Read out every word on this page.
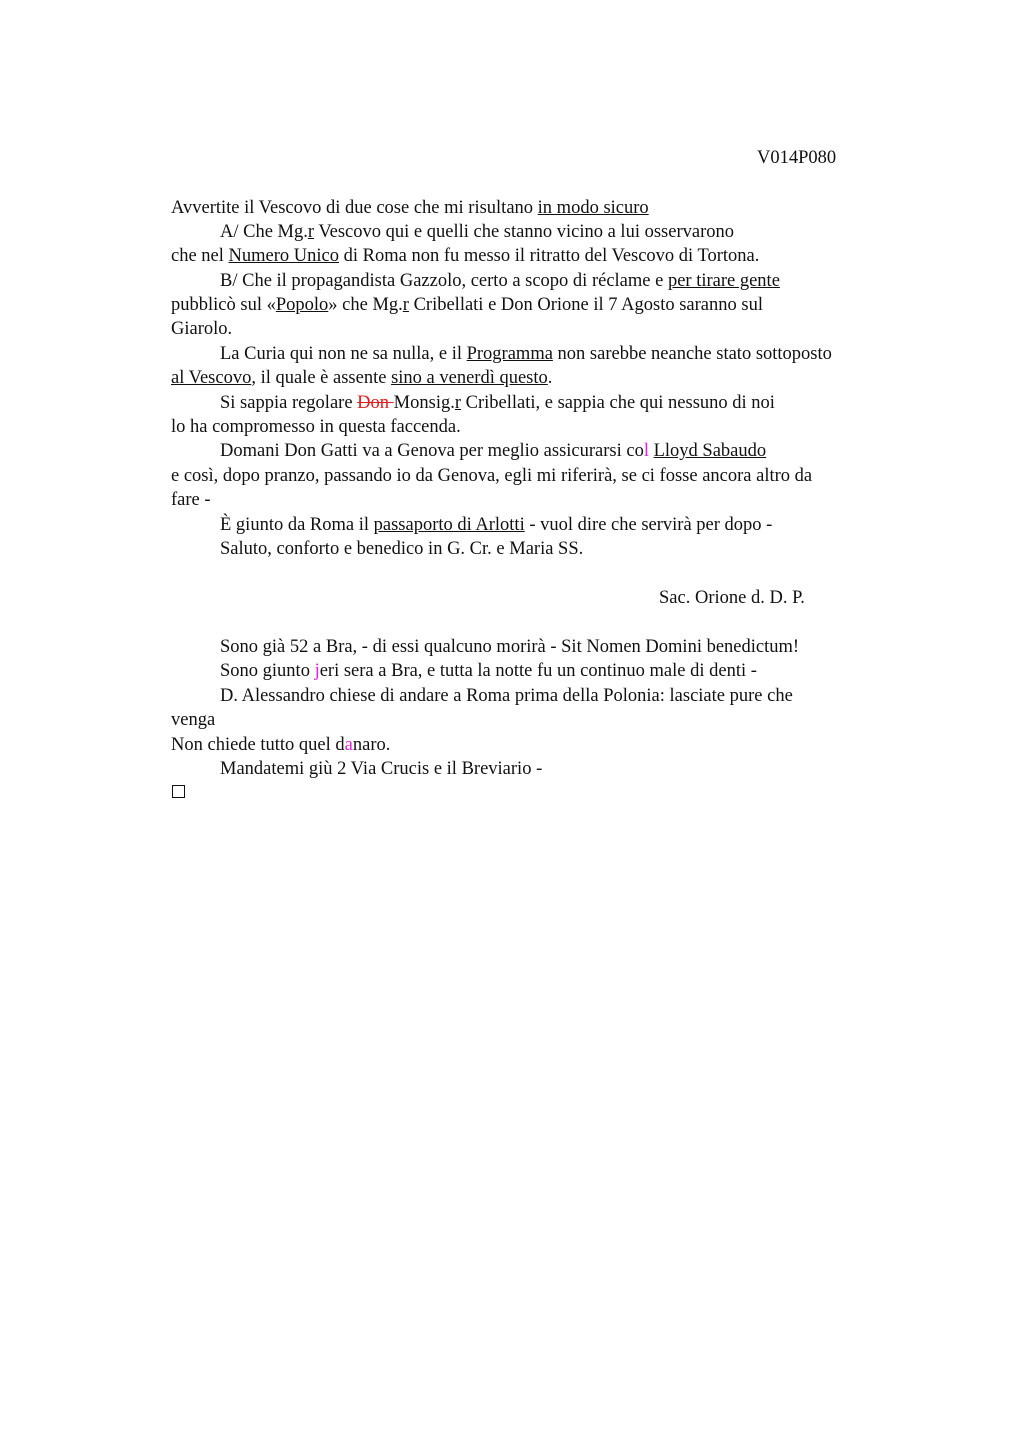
V014P080
Avvertite il Vescovo di due cose che mi risultano in modo sicuro
A/ Che Mg.r Vescovo qui e quelli che stanno vicino a lui osservarono
che nel Numero Unico di Roma non fu messo il ritratto del Vescovo di Tortona.
B/ Che il propagandista Gazzolo, certo a scopo di réclame e per tirare gente
pubblicò sul «Popolo» che Mg.r Cribellati e Don Orione il 7 Agosto saranno sul
Giarolo.
La Curia qui non ne sa nulla, e il Programma non sarebbe neanche stato sottoposto
al Vescovo, il quale è assente sino a venerdì questo.
Si sappia regolare Don Monsig.r Cribellati, e sappia che qui nessuno di noi
lo ha compromesso in questa faccenda.
Domani Don Gatti va a Genova per meglio assicurarsi col Lloyd Sabaudo
e così, dopo pranzo, passando io da Genova, egli mi riferirà, se ci fosse ancora altro da
fare -
È giunto da Roma il passaporto di Arlotti - vuol dire che servirà per dopo -
Saluto, conforto e benedico in G. Cr. e Maria SS.
Sac. Orione d. D. P.
Sono già 52 a Bra, - di essi qualcuno morirà - Sit Nomen Domini benedictum!
Sono giunto jeri sera a Bra, e tutta la notte fu un continuo male di denti -
D. Alessandro chiese di andare a Roma prima della Polonia: lasciate pure che
venga
Non chiede tutto quel danaro.
Mandatemi giù 2 Via Crucis e il Breviario -
